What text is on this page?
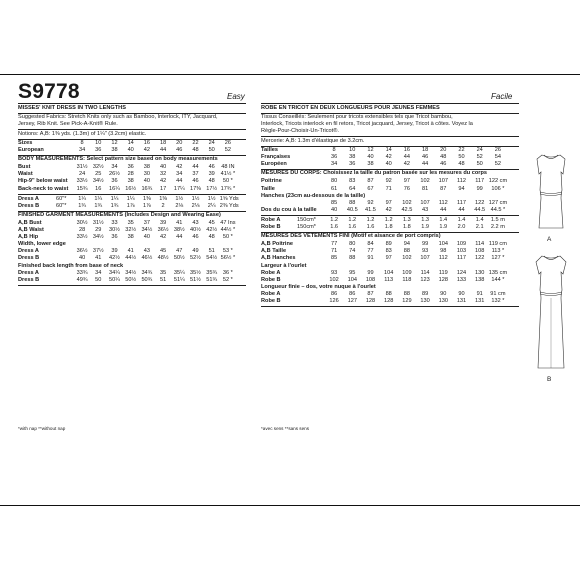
S9778	Easy	Facile
MISSES' KNIT DRESS IN TWO LENGTHS
Suggested Fabrics: Stretch Knits only such as Bamboo, Interlock, ITY, Jacquard,
Jersey, Rib Knit. See Pick-A-Knit® Rule.
Notions: A,B: 1⅜ yds. (1.3m) of 1¼" (3.2cm) elastic.
Sizes	8	10	12	14	16	18	20	22	24	26
European	34	36	38	40	42	44	46	48	50	52
BODY MEASUREMENTS: Select pattern size based on body measurements
Bust	31½ 32½	34	36	38	40	42	44	46	48 IN
Waist	24	25	26½	28	30	32	34	37	39	41½ *
Hip-9" below waist	33½ 34½	36	38	40	42	44	46	48	50 *
Back-neck to waist	15¾	16	16¼ 16½ 16¾	17	17¼ 17⅜ 17½ 17¾ *
Dress A	60"*	1¼	1¼	1¼	1¼	1⅜	1⅜	1½	1½	1½ 1⅝ Yds
Dress B	60"*	1¾	1¾	1¾	1⅞	1⅞	2	2⅛	2⅛	2¼ 2⅜ Yds
FINISHED GARMENT MEASUREMENTS (Includes Design and Wearing Ease)
A,B Bust	30½ 31½	33	35	37	39	41	43	45 47 Ins
A,B Waist	28	29	30½ 32½ 34½ 36½ 38½ 40½ 42½ 44½ *
A,B Hip	33½ 34½	36	38	40	42	44	46	48	50 *
Width, lower edge
Dress A	36½ 37½	39	41	43	45	47	49	51	53 *
Dress B	40	41	42½ 44½ 46½ 48½ 50½ 52½ 54½ 56½ *
Finished back length from base of neck
Dress A	33¾	34	34¼ 34½ 34¾	35	35¼ 35½ 35¾	36 *
Dress B	49¾	50	50¼ 50½ 50¾	51	51¼ 51½ 51¾	52 *
ROBE EN TRICOT EN DEUX LONGUEURS POUR JEUNES FEMMES
Tissus Conseillés: Seulement pour tricots extensibles tels que Tricot bambou,
Interlock, Tricots interlock en fil retors, Tricot jacquard, Jersey, Tricot à côtes. Voyez la
Règle-Pour-Choisir-Un-Tricot®.
Mercerie: A,B: 1.3m d'élastique de 3.2cm.
Tailles	8	10	12	14	16	18	20	22	24	26
Françaises	36	38	40	42	44	46	48	50	52	54
Européen	34	36	38	40	42	44	46	48	50	52
MESURES DU CORPS: Choisissez la taille du patron basée sur les mesures du corps
Poitrine	80	83	87	92	97	102	107	112	117 122 cm
Taille	61	64	67	71	76	81	87	94	99	106 *
Hanches (23cm au-dessous de la taille)
85	88	92	97	102	107	112	117	122 127 cm
Dos du cou à la taille	40	40.5	41.5	42	42.5	43	44	44	44.5 44.5 *
Robe A	150cm*	1.2	1.2	1.2	1.2	1.3	1.3	1.4	1.4	1.4	1.5 m
Robe B	150cm*	1.6	1.6	1.6	1.8	1.8	1.9	1.9	2.0	2.1	2.2 m
MESURES DES VÊTEMENTS FINI (Motif et aisance de port compris)
A,B Poitrine	77	80	84	89	94	99	104	109	114 119 cm
A,B Taille	71	74	77	83	88	93	98	103	108	113 *
A,B Hanches	85	88	91	97	102	107	112	117	122	127 *
Largeur à l'ourlet
Robe A	93	95	99	104	109	114	119	124	130 135 cm
Robe B	102	104	108	113	118	123	128	133	138	144 *
Longueur finie – dos, votre nuque à l'ourlet
Robe A	86	86	87	88	88	89	90	90	91	91 cm
Robe B	126	127	128	128	129	130	130	131	131	132 *
*with nap **without nap	*avec sens **sans sens
A
B
